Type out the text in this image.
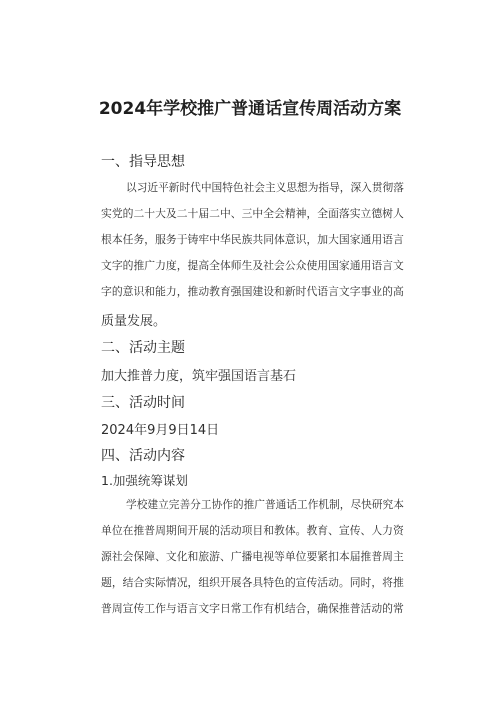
2024年学校推广普通话宣传周活动方案
一、指导思想
以习近平新时代中国特色社会主义思想为指导，深入贯彻落
实党的二十大及二十届二中、三中全会精神，全面落实立德树人
根本任务，服务于铸牢中华民族共同体意识，加大国家通用语言
文字的推广力度，提高全体师生及社会公众使用国家通用语言文
字的意识和能力，推动教育强国建设和新时代语言文字事业的高
质量发展。
二、活动主题
加大推普力度，筑牢强国语言基石
三、活动时间
2024年9月9日14日
四、活动内容
1.加强统筹谋划
学校建立完善分工协作的推广普通话工作机制，尽快研究本
单位在推普周期间开展的活动项目和教体。教育、宣传、人力资
源社会保障、文化和旅游、广播电视等单位要紧扣本届推普周主
题，结合实际情况，组织开展各具特色的宣传活动。同时，将推
普周宣传工作与语言文字日常工作有机结合，确保推普活动的常
